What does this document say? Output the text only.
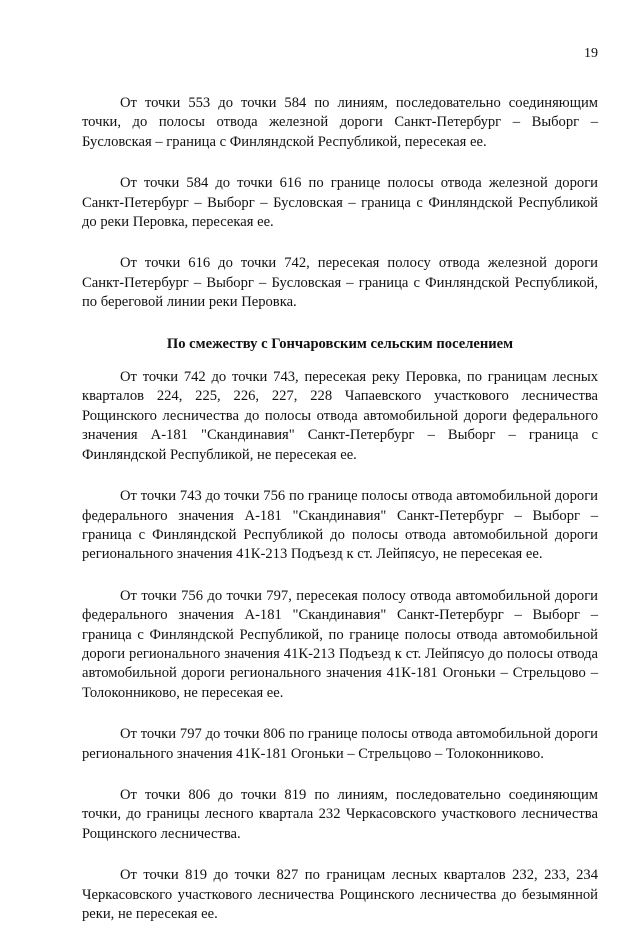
19

От точки 553 до точки 584 по линиям, последовательно соединяющим точки, до полосы отвода железной дороги Санкт-Петербург – Выборг – Бусловская – граница с Финляндской Республикой, пересекая ее.

От точки 584 до точки 616 по границе полосы отвода железной дороги Санкт-Петербург – Выборг – Бусловская – граница с Финляндской Республикой до реки Перовка, пересекая ее.

От точки 616 до точки 742, пересекая полосу отвода железной дороги Санкт-Петербург – Выборг – Бусловская – граница с Финляндской Республикой, по береговой линии реки Перовка.

По смежеству с Гончаровским сельским поселением

От точки 742 до точки 743, пересекая реку Перовка, по границам лесных кварталов 224, 225, 226, 227, 228 Чапаевского участкового лесничества Рощинского лесничества до полосы отвода автомобильной дороги федерального значения А-181 "Скандинавия" Санкт-Петербург – Выборг – граница с Финляндской Республикой, не пересекая ее.

От точки 743 до точки 756 по границе полосы отвода автомобильной дороги федерального значения А-181 "Скандинавия" Санкт-Петербург – Выборг – граница с Финляндской Республикой до полосы отвода автомобильной дороги регионального значения 41К-213 Подъезд к ст. Лейпясуо, не пересекая ее.

От точки 756 до точки 797, пересекая полосу отвода автомобильной дороги федерального значения А-181 "Скандинавия" Санкт-Петербург – Выборг – граница с Финляндской Республикой, по границе полосы отвода автомобильной дороги регионального значения 41К-213 Подъезд к ст. Лейпясуо до полосы отвода автомобильной дороги регионального значения 41К-181 Огоньки – Стрельцово – Толоконниково, не пересекая ее.

От точки 797 до точки 806 по границе полосы отвода автомобильной дороги регионального значения 41К-181 Огоньки – Стрельцово – Толоконниково.

От точки 806 до точки 819 по линиям, последовательно соединяющим точки, до границы лесного квартала 232 Черкасовского участкового лесничества Рощинского лесничества.

От точки 819 до точки 827 по границам лесных кварталов 232, 233, 234 Черкасовского участкового лесничества Рощинского лесничества до безымянной реки, не пересекая ее.
